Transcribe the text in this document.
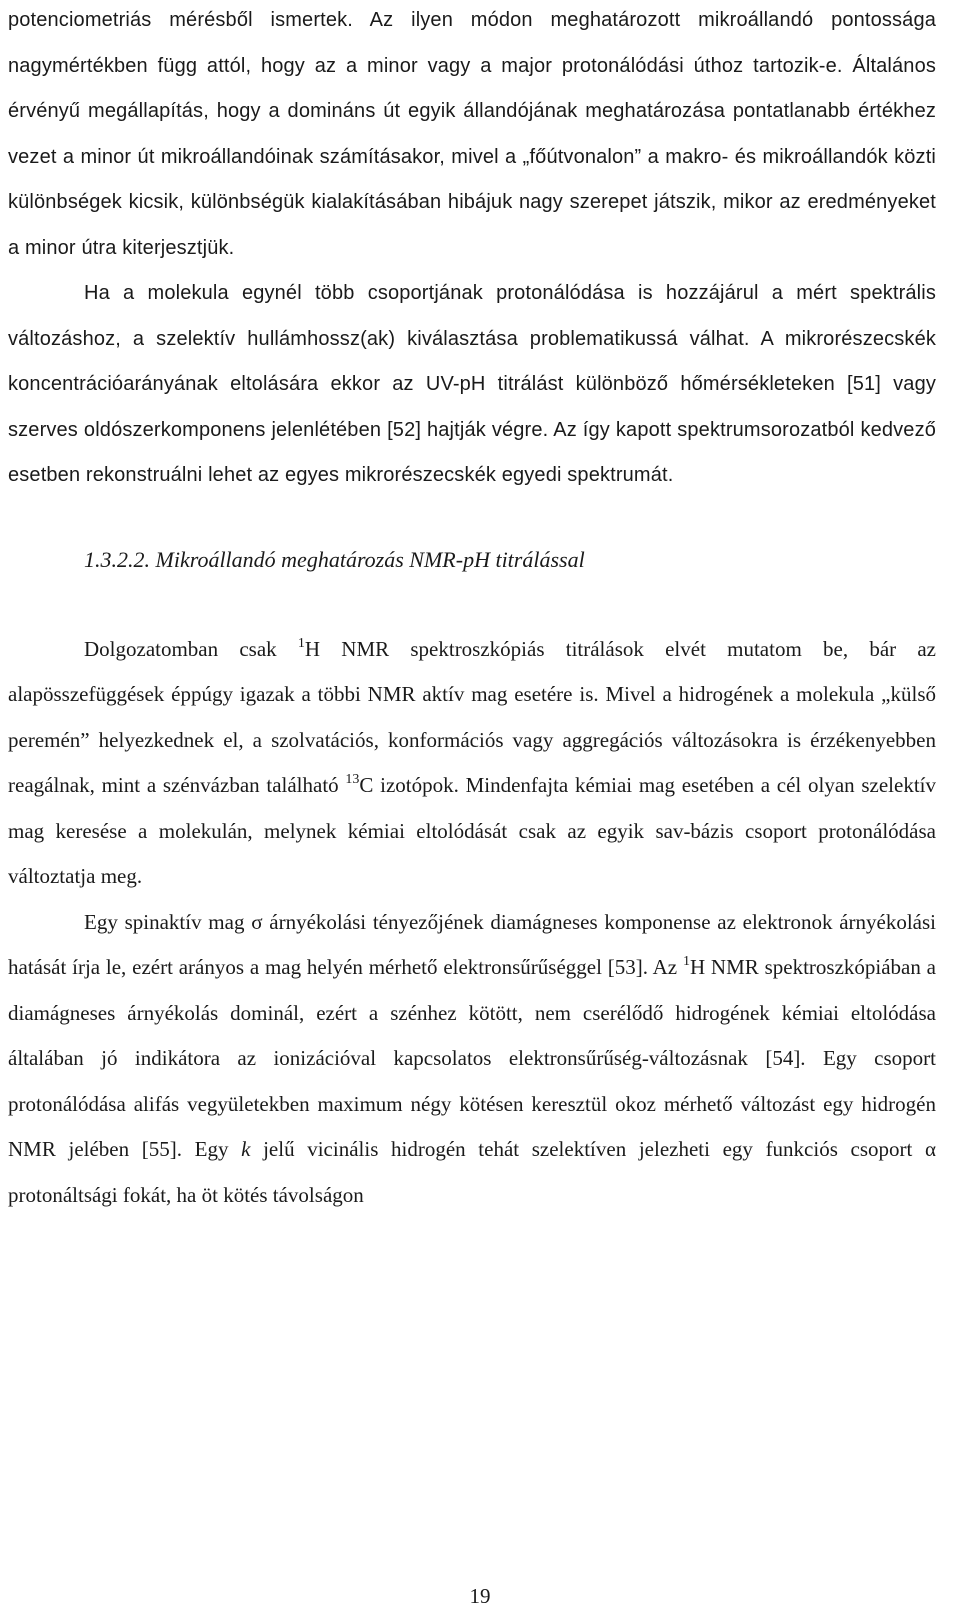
potenciometriás mérésből ismertek. Az ilyen módon meghatározott mikroállandó pontossága nagymértékben függ attól, hogy az a minor vagy a major protonálódási úthoz tartozik-e. Általános érvényű megállapítás, hogy a domináns út egyik állandójának meghatározása pontatlanabb értékhez vezet a minor út mikroállandóinak számításakor, mivel a „főútvonalon” a makro- és mikroállandók közti különbségek kicsik, különbségük kialakításában hibájuk nagy szerepet játszik, mikor az eredményeket a minor útra kiterjesztjük.

Ha a molekula egynél több csoportjának protonálódása is hozzájárul a mért spektrális változáshoz, a szelektív hullámhossz(ak) kiválasztása problematikussá válhat. A mikrorészecskék koncentrációarányának eltolására ekkor az UV-pH titrálást különböző hőmérsékleteken [51] vagy szerves oldószerkomponens jelenlétében [52] hajtják végre. Az így kapott spektrumsorozatból kedvező esetben rekonstruálni lehet az egyes mikrorészecskék egyedi spektrumát.

1.3.2.2. Mikroállandó meghatározás NMR-pH titrálással

Dolgozatomban csak $^1$H NMR spektroszkópiás titrálások elvét mutatom be, bár az alapösszefüggések éppúgy igazak a többi NMR aktív mag esetére is. Mivel a hidrogének a molekula „külső peremén” helyezkednek el, a szolvatációs, konformációs vagy aggregációs változásokra is érzékenyebben reagálnak, mint a szénvázban található $^{13}$C izotópok. Mindenfajta kémiai mag esetében a cél olyan szelektív mag keresése a molekulán, melynek kémiai eltolódását csak az egyik sav-bázis csoport protonálódása változtatja meg.

Egy spinaktív mag σ árnyékolási tényezőjének diamágneses komponense az elektronok árnyékolási hatását írja le, ezért arányos a mag helyén mérhető elektronsűrűséggel [53]. Az $^1$H NMR spektroszkópiában a diamágneses árnyékolás dominál, ezért a szénhez kötött, nem cserélődő hidrogének kémiai eltolódása általában jó indikátora az ionizációval kapcsolatos elektronsűrűség-változásnak [54]. Egy csoport protonálódása alifás vegyületekben maximum négy kötésen keresztül okoz mérhető változást egy hidrogén NMR jelében [55]. Egy k jelű vicinális hidrogén tehát szelektíven jelezheti egy funkciós csoport α protonáltsági fokát, ha öt kötés távolságon

19
